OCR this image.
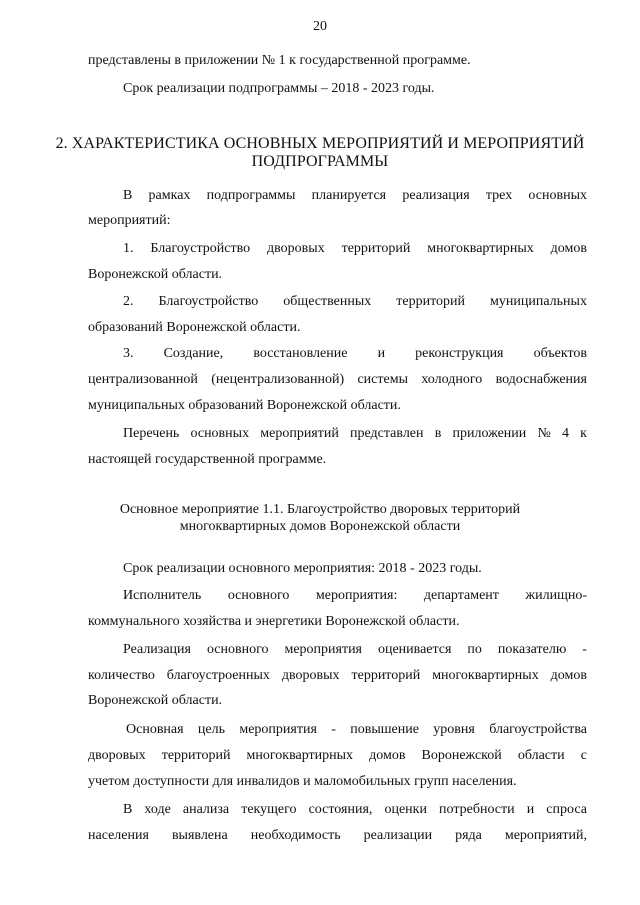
20
представлены в приложении № 1 к государственной программе.
Срок реализации подпрограммы – 2018 - 2023 годы.
2. ХАРАКТЕРИСТИКА ОСНОВНЫХ МЕРОПРИЯТИЙ И МЕРОПРИЯТИЙ
ПОДПРОГРАММЫ
В рамках подпрограммы планируется реализация трех основных
мероприятий:
1. Благоустройство дворовых территорий многоквартирных домов
Воронежской области.
2. Благоустройство общественных территорий муниципальных
образований Воронежской области.
3. Создание, восстановление и реконструкция объектов
централизованной (нецентрализованной) системы холодного водоснабжения
муниципальных образований Воронежской области.
Перечень основных мероприятий представлен в приложении № 4 к
настоящей государственной программе.
Основное мероприятие 1.1. Благоустройство дворовых территорий
многоквартирных домов Воронежской области
Срок реализации основного мероприятия: 2018 - 2023 годы.
Исполнитель основного мероприятия: департамент жилищно-
коммунального хозяйства и энергетики Воронежской области.
Реализация основного мероприятия оценивается по показателю -
количество благоустроенных дворовых территорий многоквартирных домов
Воронежской области.
Основная цель мероприятия - повышение уровня благоустройства
дворовых территорий многоквартирных домов Воронежской области с
учетом доступности для инвалидов и маломобильных групп населения.
В ходе анализа текущего состояния, оценки потребности и спроса
населения выявлена необходимость реализации ряда мероприятий,
